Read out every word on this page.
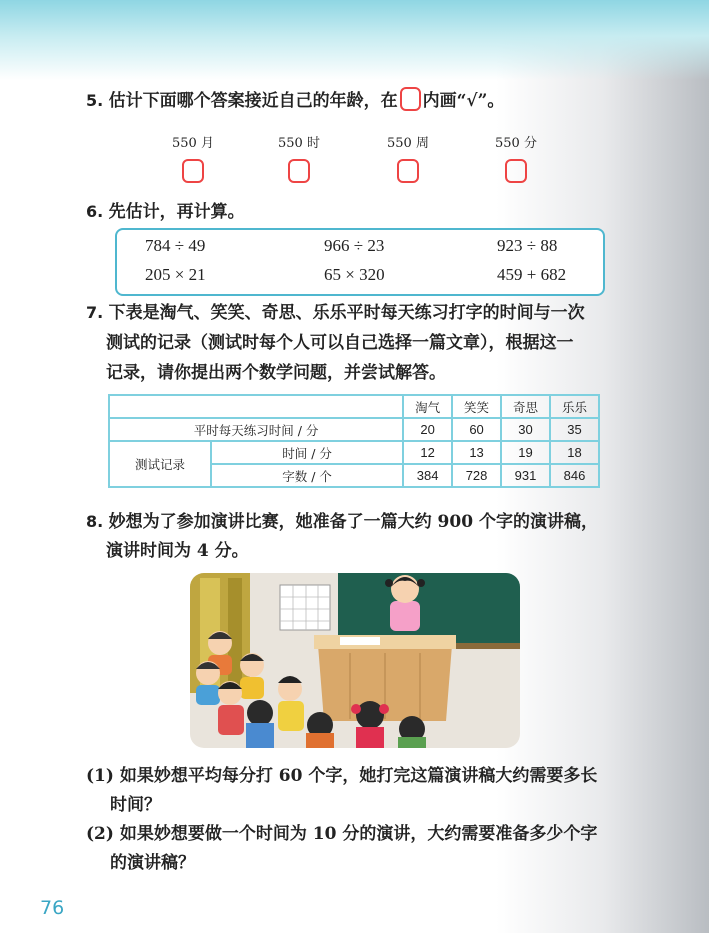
5. 估计下面哪个答案接近自己的年龄，在 内画“√”。
550 月	550 时	550 周	550 分
6. 先估计，再计算。
784 ÷ 49	966 ÷ 23	923 ÷ 88
205 × 21	65 × 320	459 + 682
7. 下表是淘气、笑笑、奇思、乐乐平时每天练习打字的时间与一次
测试的记录（测试时每个人可以自己选择一篇文章），根据这一
记录，请你提出两个数学问题，并尝试解答。
		淘气	笑笑	奇思	乐乐
平时每天练习时间 / 分		20	60	30	35
测试记录	时间 / 分	12	13	19	18
	字数 / 个	384	728	931	846
8. 妙想为了参加演讲比赛，她准备了一篇大约 900 个字的演讲稿，
演讲时间为 4 分。
(1) 如果妙想平均每分打 60 个字，她打完这篇演讲稿大约需要多长
时间？
(2) 如果妙想要做一个时间为 10 分的演讲，大约需要准备多少个字
的演讲稿？
76
